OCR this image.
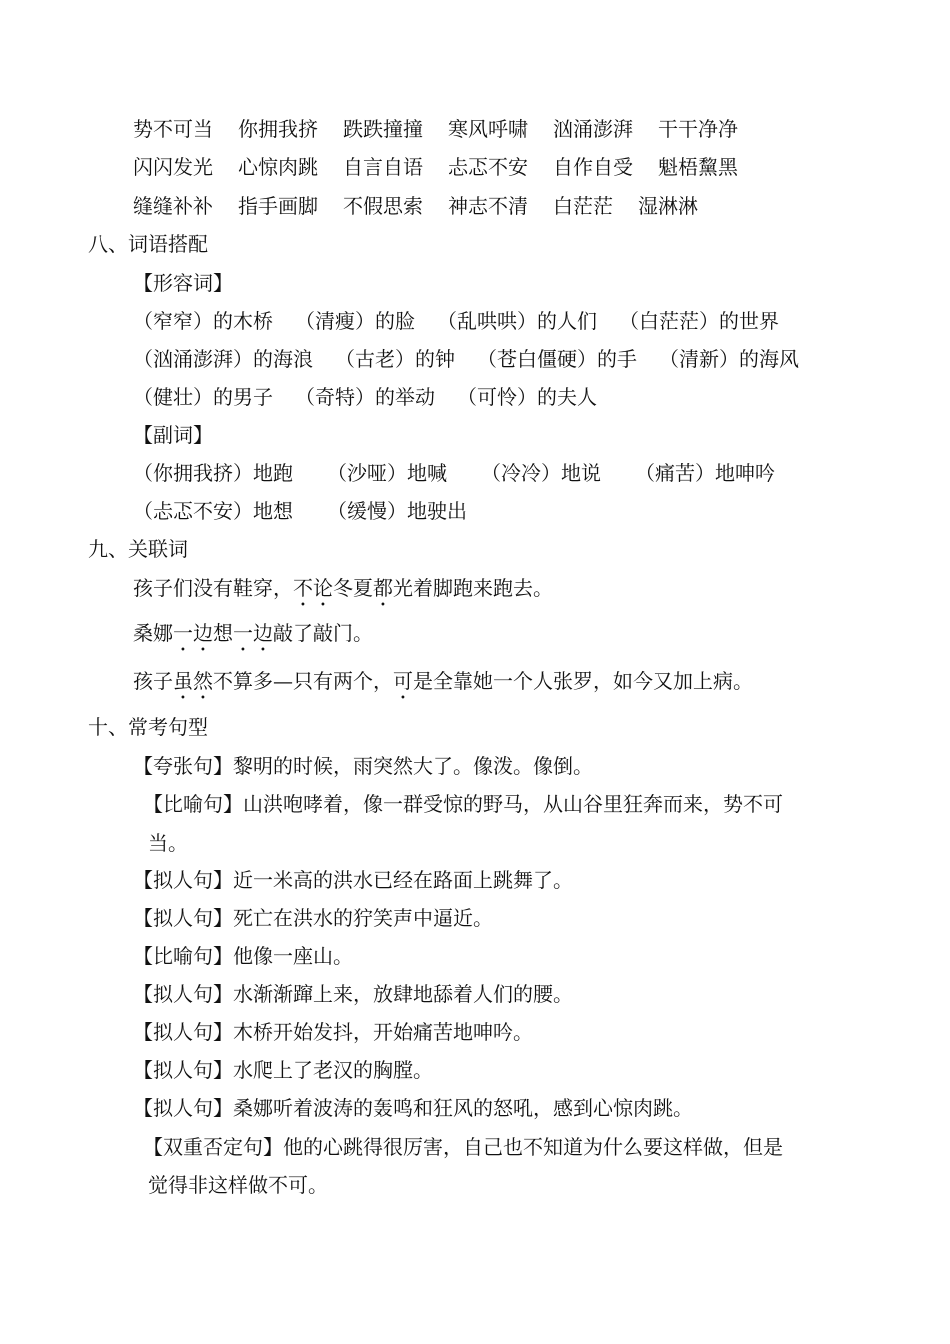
势不可当 你拥我挤 跌跌撞撞 寒风呼啸 汹涌澎湃 干干净净
闪闪发光 心惊肉跳 自言自语 忐忑不安 自作自受 魁梧黧黑
缝缝补补 指手画脚 不假思索 神志不清 白茫茫 湿淋淋
八、词语搭配
【形容词】
（窄窄）的木桥 （清瘦）的脸 （乱哄哄）的人们 （白茫茫）的世界
（汹涌澎湃）的海浪 （古老）的钟 （苍白僵硬）的手 （清新）的海风
（健壮）的男子 （奇特）的举动 （可怜）的夫人
【副词】
（你拥我挤）地跑 （沙哑）地喊 （冷冷）地说 （痛苦）地呻吟
（忐忑不安）地想 （缓慢）地驶出
九、关联词
孩子们没有鞋穿，不论冬夏都光着脚跑来跑去。
桑娜一边想一边敲了敲门。
孩子虽然不算多—只有两个，可是全靠她一个人张罗，如今又加上病。
十、常考句型
【夸张句】黎明的时候，雨突然大了。像泼。像倒。
【比喻句】山洪咆哮着，像一群受惊的野马，从山谷里狂奔而来，势不可
当。
【拟人句】近一米高的洪水已经在路面上跳舞了。
【拟人句】死亡在洪水的狞笑声中逼近。
【比喻句】他像一座山。
【拟人句】水渐渐蹿上来，放肆地舔着人们的腰。
【拟人句】木桥开始发抖，开始痛苦地呻吟。
【拟人句】水爬上了老汉的胸膛。
【拟人句】桑娜听着波涛的轰鸣和狂风的怒吼，感到心惊肉跳。
【双重否定句】他的心跳得很厉害，自己也不知道为什么要这样做，但是
觉得非这样做不可。
